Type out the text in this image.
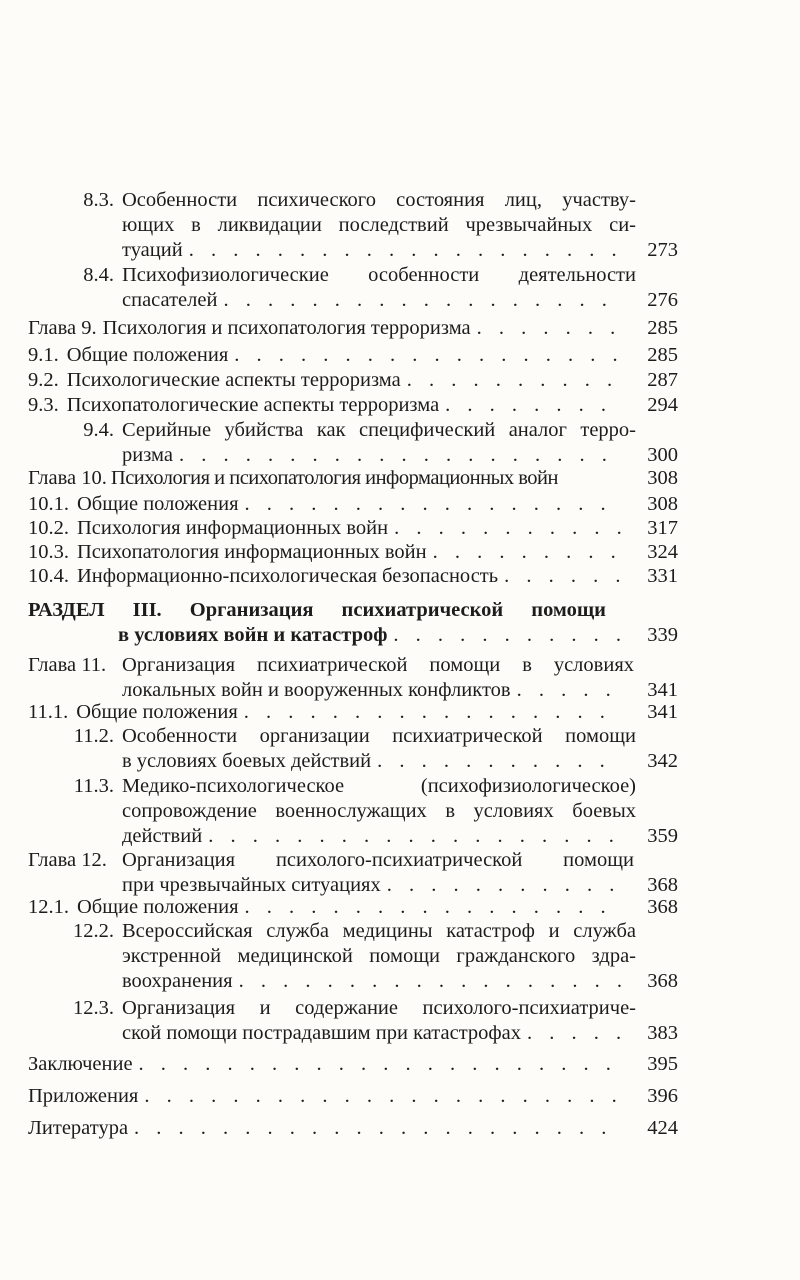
8.3. Особенности психического состояния лиц, участву-
ющих в ликвидации последствий чрезвычайных си-
туаций . . .	273
8.4. Психофизиологические особенности деятельности
спасателей . . .	276
Глава 9. Психология и психопатология терроризма . . .	285
9.1. Общие положения . . .	285
9.2. Психологические аспекты терроризма . . .	287
9.3. Психопатологические аспекты терроризма . . .	294
9.4. Серийные убийства как специфический аналог терро-
ризма . . .	300
Глава 10. Психология и психопатология информационных войн	308
10.1. Общие положения . . .	308
10.2. Психология информационных войн . . .	317
10.3. Психопатология информационных войн . . .	324
10.4. Информационно-психологическая безопасность . . .	331
РАЗДЕЛ III. Организация психиатрической помощи
в условиях войн и катастроф . . .	339
Глава 11. Организация психиатрической помощи в условиях
локальных войн и вооруженных конфликтов . . .	341
11.1. Общие положения . . .	341
11.2. Особенности организации психиатрической помощи
в условиях боевых действий . . .	342
11.3. Медико-психологическое (психофизиологическое)
сопровождение военнослужащих в условиях боевых
действий . . .	359
Глава 12. Организация психолого-психиатрической помощи
при чрезвычайных ситуациях . . .	368
12.1. Общие положения . . .	368
12.2. Всероссийская служба медицины катастроф и служба
экстренной медицинской помощи гражданского здра-
воохранения . . .	368
12.3. Организация и содержание психолого-психиатриче-
ской помощи пострадавшим при катастрофах . . .	383
Заключение . . .	395
Приложения . . .	396
Литература . . .	424
